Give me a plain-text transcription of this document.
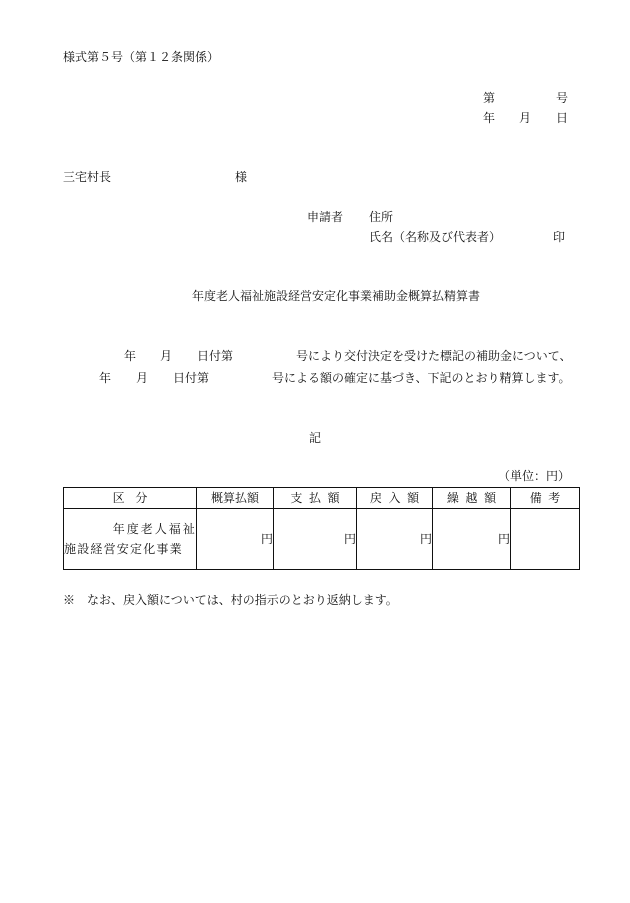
様式第５号（第１２条関係）
第	号
年 月 日
三宅村長	様
申請者 住所
氏名（名称及び代表者）	印
年度老人福祉施設経営安定化事業補助金概算払精算書
年 月 日付第	号により交付決定を受けた標記の補助金について、
年 月 日付第	号による額の確定に基づき、下記のとおり精算します。
記
（単位：円）
区分	概算払額	支払額	戻入額	繰越額	備考
年度老人福祉施設経営安定化事業	円	円	円	円	
※　なお、戻入額については、村の指示のとおり返納します。
